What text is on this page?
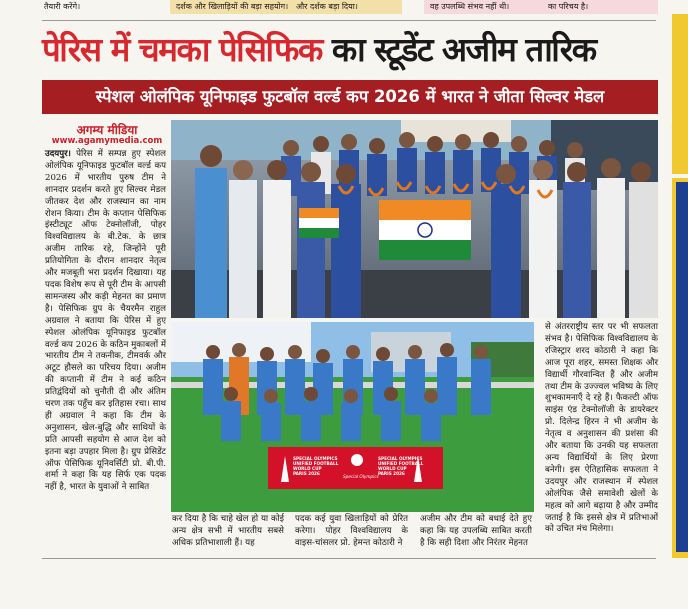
तैयारी करेंगे।	दर्शक और खिलाड़ियों की बड़ा सहयोग। और दर्शक बड़ा दिया।	वह उपलब्धि संभव नहीं थी।	का परिचय है।
पेरिस में चमका पेसिफिक का स्टूडेंट अजीम तारिक
स्पेशल ओलंपिक यूनिफाइड फुटबॉल वर्ल्ड कप 2026 में भारत ने जीता सिल्वर मेडल
अगम्य मीडिया
www.agamymedia.com
उदयपुर। पेरिस में सम्पन्न हुए स्पेशल ओलंपिक यूनिफाइड फुटबॉल वर्ल्ड कप 2026 में भारतीय पुरुष टीम ने शानदार प्रदर्शन करते हुए सिल्वर मेडल जीतकर देश और राजस्थान का नाम रोशन किया। टीम के कप्तान पेसिफिक इंस्टीट्यूट ऑफ टेक्नोलॉजी, पोहर विश्वविद्यालय के बी.टेक. के छात्र अजीम तारिक रहे, जिन्होंने पूरी प्रतियोगिता के दौरान शानदार नेतृत्व और मजबूती भरा प्रदर्शन दिखाया। यह पदक विशेष रूप से पूरी टीम के आपसी सामन्जस्य और कड़ी मेहनत का प्रमाण है। पेसिफिक ग्रुप के चैयरमैन राहुल अग्रवाल ने बताया कि पेरिस में हुए स्पेशल ओलंपिक यूनिफाइड फुटबॉल वर्ल्ड कप 2026 के कठिन मुकाबलों में भारतीय टीम ने तकनीक, टीमवर्क और अटूट हौसले का परिचय दिया। अजीम की कप्तानी में टीम ने कई कठिन प्रतिद्वंदियों को चुनौती दी और अंतिम चरण तक पहुँच कर इतिहास रचा। साथ ही अग्रवाल ने कहा कि टीम के अनुशासन, खेल-बुद्धि और साथियों के प्रति आपसी सहयोग से आज देश को इतना बड़ा उपहार मिला है। ग्रुप प्रेसिडेंट ऑफ पेसिफिक यूनिवर्सिटी प्रो. बी.पी. शर्मा ने कहा कि यह सिर्फ एक पदक नहीं है, भारत के युवाओं ने साबित
SPECIAL OLYMPICS
UNIFIED FOOTBALL
WORLD CUP
PARIS 2026
Special Olympics
SPECIAL OLYMPICS
UNIFIED FOOTBALL
WORLD CUP
PARIS 2026
कर दिया है कि चाहे खेल हो या कोई अन्य क्षेत्र सभी में भारतीय सबसे अधिक प्रतिभाशाली हैं। यह
पदक कई युवा खिलाड़ियों को प्रेरित करेगा। पोहर विश्वविद्यालय के वाइस-चांसलर प्रो. हेमन्त कोठारी ने
अजीम और टीम को बधाई देते हुए कहा कि यह उपलब्धि साबित करती है कि सही दिशा और निरंतर मेहनत
से अंतरराष्ट्रीय स्तर पर भी सफलता संभव है। पेसिफिक विश्वविद्यालय के रजिस्ट्रार शरद कोठारी ने कहा कि आज पूरा शहर, समस्त शिक्षक और विद्यार्थी गौरवान्वित हैं और अजीम तथा टीम के उज्ज्वल भविष्य के लिए शुभकामनाएँ दे रहे हैं। फैकल्टी ऑफ साइंस एंड टेक्नोलॉजी के डायरेक्टर प्रो. दिलेन्द्र हिरन ने भी अजीम के नेतृत्व व अनुशासन की प्रशंसा की और बताया कि उनकी यह सफलता अन्य विद्यार्थियों के लिए प्रेरणा बनेगी। इस ऐतिहासिक सफलता ने उदयपुर और राजस्थान में स्पेशल ओलंपिक जैसे समावेशी खेलों के महत्व को आगे बढ़ाया है और उम्मीद जताई है कि इससे क्षेत्र में प्रतिभाओं को उचित मंच मिलेगा।
